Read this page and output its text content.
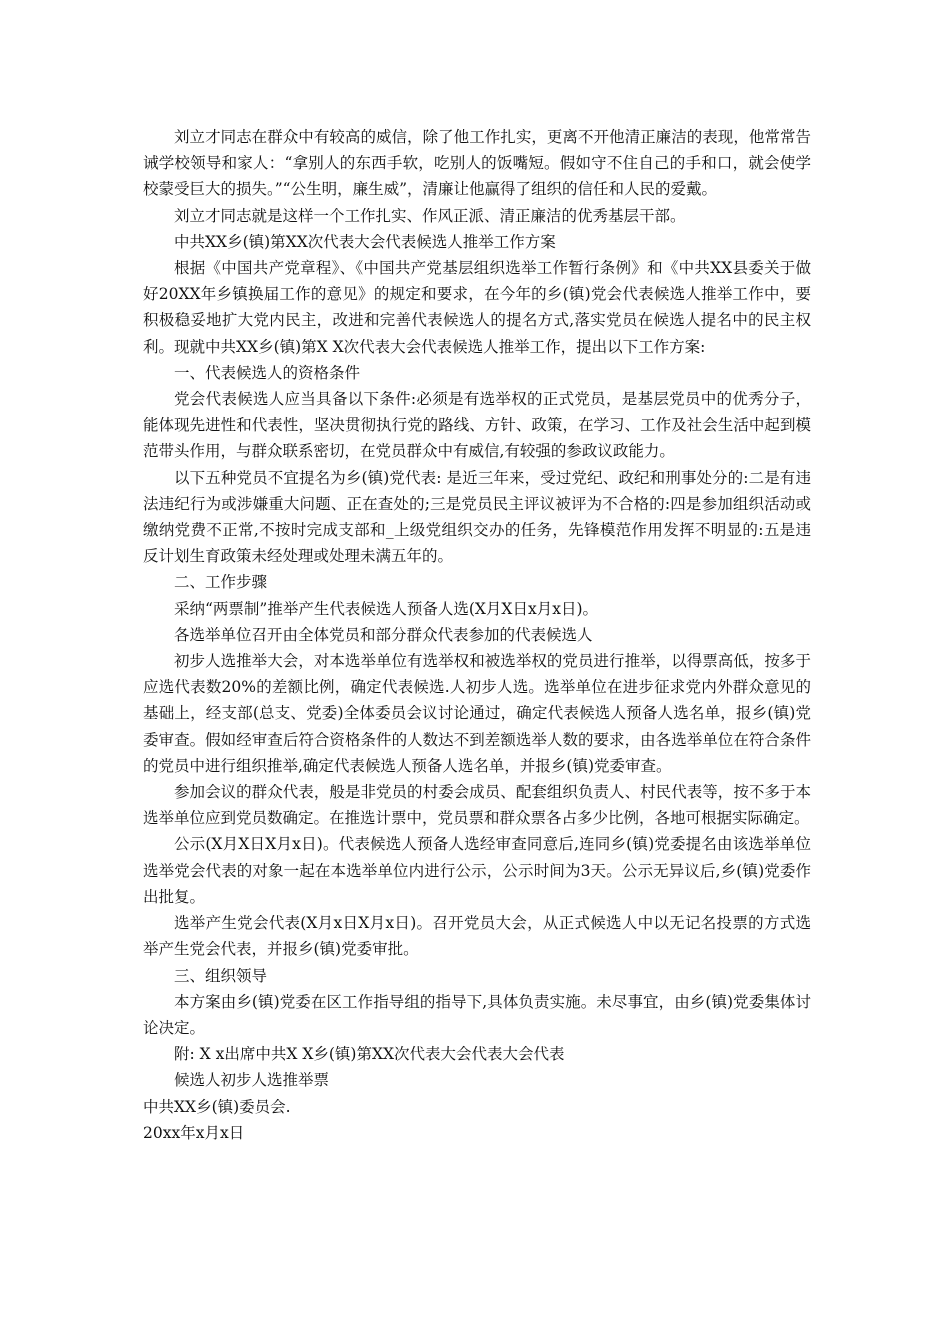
刘立才同志在群众中有较高的威信，除了他工作扎实，更离不开他清正廉洁的表现，他常常告诫学校领导和家人：“拿别人的东西手软，吃别人的饭嘴短。假如守不住自己的手和口，就会使学校蒙受巨大的损失。”“公生明，廉生威”，清廉让他赢得了组织的信任和人民的爱戴。

刘立才同志就是这样一个工作扎实、作风正派、清正廉洁的优秀基层干部。

中共XX乡(镇)第XX次代表大会代表候选人推举工作方案

根据《中国共产党章程》、《中国共产党基层组织选举工作暂行条例》和《中共XX县委关于做好20XX年乡镇换届工作的意见》的规定和要求，在今年的乡(镇)党会代表候选人推举工作中，要积极稳妥地扩大党内民主，改进和完善代表候选人的提名方式,落实党员在候选人提名中的民主权利。现就中共XX乡(镇)第X X次代表大会代表候选人推举工作，提出以下工作方案:

一、代表候选人的资格条件

党会代表候选人应当具备以下条件:必须是有选举权的正式党员，是基层党员中的优秀分子，能体现先进性和代表性，坚决贯彻执行党的路线、方针、政策，在学习、工作及社会生活中起到模范带头作用，与群众联系密切，在党员群众中有威信,有较强的参政议政能力。

以下五种党员不宜提名为乡(镇)党代表: 是近三年来，受过党纪、政纪和刑事处分的:二是有违法违纪行为或涉嫌重大问题、正在查处的;三是党员民主评议被评为不合格的:四是参加组织活动或缴纳党费不正常,不按时完成支部和_上级党组织交办的任务，先锋模范作用发挥不明显的:五是违反计划生育政策未经处理或处理未满五年的。

二、工作步骤

采纳“两票制”推举产生代表候选人预备人选(X月X日x月x日)。

各选举单位召开由全体党员和部分群众代表参加的代表候选人

初步人选推举大会，对本选举单位有选举权和被选举权的党员进行推举，以得票高低，按多于应选代表数20%的差额比例，确定代表候选.人初步人选。选举单位在进步征求党内外群众意见的基础上，经支部(总支、党委)全体委员会议讨论通过，确定代表候选人预备人选名单，报乡(镇)党委审查。假如经审查后符合资格条件的人数达不到差额选举人数的要求，由各选举单位在符合条件的党员中进行组织推举,确定代表候选人预备人选名单，并报乡(镇)党委审查。

参加会议的群众代表，般是非党员的村委会成员、配套组织负责人、村民代表等，按不多于本选举单位应到党员数确定。在推选计票中，党员票和群众票各占多少比例，各地可根据实际确定。

公示(X月X日X月x日)。代表候选人预备人选经审查同意后,连同乡(镇)党委提名由该选举单位选举党会代表的对象一起在本选举单位内进行公示，公示时间为3天。公示无异议后,乡(镇)党委作出批复。

选举产生党会代表(X月x日X月x日)。召开党员大会，从正式候选人中以无记名投票的方式选举产生党会代表，并报乡(镇)党委审批。

三、组织领导

本方案由乡(镇)党委在区工作指导组的指导下,具体负责实施。未尽事宜，由乡(镇)党委集体讨论决定。

附: X x出席中共X X乡(镇)第XX次代表大会代表大会代表

候选人初步人选推举票

中共XX乡(镇)委员会.

20xx年x月x日
